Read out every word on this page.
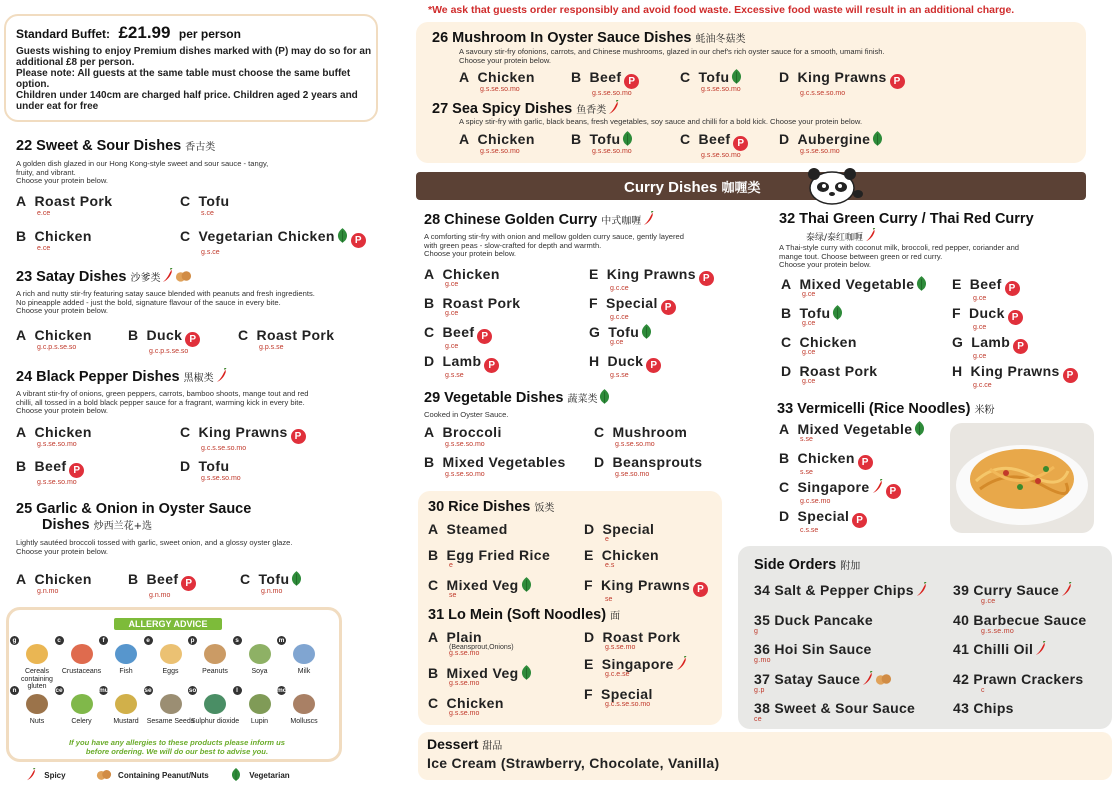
*We ask that guests order responsibly and avoid food waste. Excessive food waste will result in an additional charge.
Standard Buffet: £21.99 per person
Guests wishing to enjoy Premium dishes marked with (P) may do so for an additional £8 per person.
Please note: All guests at the same table must choose the same buffet option.
Children under 140cm are charged half price. Children aged 2 years and under eat for free
22 Sweet & Sour Dishes 香古类
A golden dish glazed in our Hong Kong-style sweet and sour sauce - tangy,
fruity, and vibrant.
Choose your protein below.
A Roast Pork
e.ce
C Tofu
s.ce
B Chicken
e.ce
C Vegetarian Chicken P
g.s.ce
23 Satay Dishes 沙爹类
A rich and nutty stir-fry featuring satay sauce blended with peanuts and fresh ingredients.
No pineapple added - just the bold, signature flavour of the sauce in every bite.
Choose your protein below.
A Chicken
g.c.p.s.se.so
B Duck P
g.c.p.s.se.so
C Roast Pork
g.p.s.se
24 Black Pepper Dishes 黑椒类
A vibrant stir-fry of onions, green peppers, carrots, bamboo shoots, mange tout and red
chilli, all tossed in a bold black pepper sauce for a fragrant, warming kick in every bite.
Choose your protein below.
A Chicken
g.s.se.so.mo
C King Prawns P
g.c.s.se.so.mo
B Beef P
g.s.se.so.mo
D Tofu
g.s.se.so.mo
25 Garlic & Onion in Oyster Sauce
Dishes 炒西兰花+选
Lightly sautéed broccoli tossed with garlic, sweet onion, and a glossy oyster glaze.
Choose your protein below.
A Chicken
g.n.mo
B Beef P
g.n.mo
C Tofu
g.n.mo
ALLERGY ADVICE
If you have any allergies to these products please inform us
before ordering. We will do our best to advise you.
Spicy	Containing Peanut/Nuts	Vegetarian
26 Mushroom In Oyster Sauce Dishes 蚝油冬菇类
A savoury stir-fry ofonions, carrots, and Chinese mushrooms, glazed in our chef's rich oyster sauce for a smooth, umami finish.
Choose your protein below.
A Chicken
g.s.se.so.mo
B Beef P
g.s.se.so.mo
C Tofu
g.s.se.so.mo
D King Prawns P
g.c.s.se.so.mo
27 Sea Spicy Dishes 鱼香类
A spicy stir-fry with garlic, black beans, fresh vegetables, soy sauce and chilli for a bold kick. Choose your protein below.
A Chicken
g.s.se.so.mo
B Tofu
g.s.se.so.mo
C Beef P
g.s.se.so.mo
D Aubergine
g.s.se.so.mo
Curry Dishes 咖喱类
28 Chinese Golden Curry 中式咖喱
A comforting stir-fry with onion and mellow golden curry sauce, gently layered
with green peas - slow-crafted for depth and warmth.
Choose your protein below.
29 Vegetable Dishes 蔬菜类
Cooked in Oyster Sauce.
A Broccoli
g.s.se.so.mo
C Mushroom
g.s.se.so.mo
B Mixed Vegetables
g.s.se.so.mo
D Beansprouts
g.se.so.mo
30 Rice Dishes 饭类
31 Lo Mein (Soft Noodles) 面
32 Thai Green Curry / Thai Red Curry
泰绿/泰红咖喱
A Thai-style curry with coconut milk, broccoli, red pepper, coriander and
mange tout. Choose between green or red curry.
Choose your protein below.
33 Vermicelli (Rice Noodles) 米粉
Side Orders 附加
Dessert 甜品
Ice Cream (Strawberry, Chocolate, Vanilla)
A Chicken
g.ce
E King Prawns P
g.c.ce
B Roast Pork
g.ce
F Special P
g.c.ce
C Beef P
g.ce
G Tofu
g.ce
D Lamb P
g.s.se
H Duck P
g.s.se
A Steamed	D Special
e
B Egg Fried Rice
e
E Chicken
e.s
C Mixed Veg
se
F King Prawns P
se
A Plain
(Beansprout,Onions)
g.s.se.mo
D Roast Pork
g.s.se.mo
B Mixed Veg
g.s.se.mo
E Singapore
g.c.e.se
C Chicken
g.s.se.mo
F Special
g.c.s.se.so.mo
A Mixed Vegetable
g.ce
E Beef P
g.ce
B Tofu
g.ce
F Duck P
g.ce
C Chicken
g.ce
G Lamb P
g.ce
D Roast Pork
g.ce
H King Prawns P
g.c.ce
A Mixed Vegetable
s.se
B Chicken P
s.se
C Singapore P
g.c.se.mo
D Special P
c.s.se
34 Salt & Pepper Chips	39 Curry Sauce
g.ce
35 Duck Pancake
g
40 Barbecue Sauce
g.s.se.mo
36 Hoi Sin Sauce
g.mo
41 Chilli Oil
37 Satay Sauce
g.p
42 Prawn Crackers
c
38 Sweet & Sour Sauce
ce
43 Chips
g
Cereals containing gluten
c
Crustaceans
f
Fish
e
Eggs
p
Peanuts
s
Soya
m
Milk
n
Nuts
ce
Celery
mu
Mustard
se
Sesame Seeds
so
Sulphur dioxide
l
Lupin
mo
Molluscs
